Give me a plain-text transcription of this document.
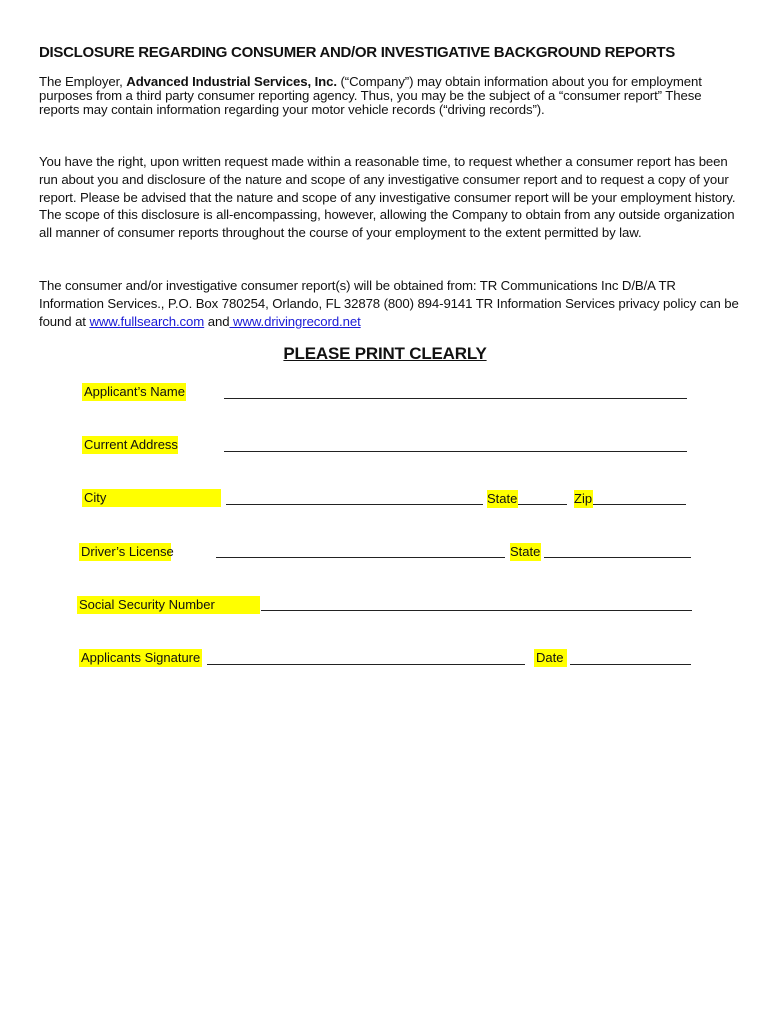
DISCLOSURE REGARDING CONSUMER AND/OR INVESTIGATIVE BACKGROUND REPORTS

The Employer, Advanced Industrial Services, Inc. (“Company”) may obtain information about you for employment purposes from a third party consumer reporting agency. Thus, you may be the subject of a “consumer report” These reports may contain information regarding your motor vehicle records (“driving records”).

You have the right, upon written request made within a reasonable time, to request whether a consumer report has been run about you and disclosure of the nature and scope of any investigative consumer report and to request a copy of your report. Please be advised that the nature and scope of any investigative consumer report will be your employment history. The scope of this disclosure is all-encompassing, however, allowing the Company to obtain from any outside organization all manner of consumer reports throughout the course of your employment to the extent permitted by law.

The consumer and/or investigative consumer report(s) will be obtained from: TR Communications Inc D/B/A TR Information Services., P.O. Box 780254, Orlando, FL 32878 (800) 894-9141 TR Information Services privacy policy can be found at www.fullsearch.com and www.drivingrecord.net

PLEASE PRINT CLEARLY
Applicant’s Name
Current Address
City	State	Zip
Driver’s License	State
Social Security Number
Applicants Signature	Date
